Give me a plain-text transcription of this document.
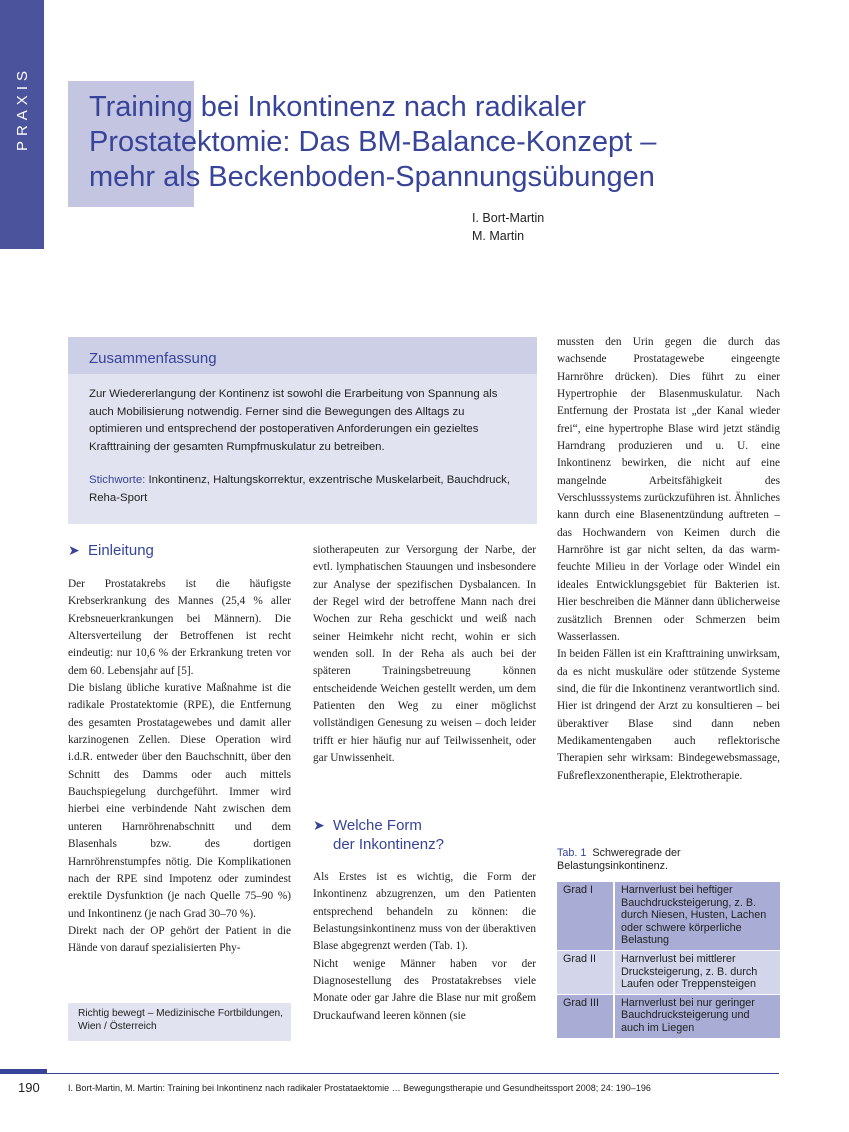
PRAXIS Training bei Inkontinenz nach radikaler
Prostatektomie: Das BM-Balance-Konzept –
mehr als Beckenboden-Spannungsübungen
I. Bort-Martin
M. Martin
Zusammenfassung

Zur Wiedererlangung der Kontinenz ist sowohl die Erarbeitung von Spannung als auch Mobilisierung notwendig. Ferner sind die Bewegungen des Alltags zu optimieren und entsprechend der postoperativen Anforderungen ein gezieltes Krafttraining der gesamten Rumpfmuskulatur zu betreiben.

Stichworte: Inkontinenz, Haltungskorrektur, exzentrische Muskelarbeit, Bauchdruck, Reha-Sport

➤ Einleitung

Der Prostatakrebs ist die häufigste Krebserkrankung des Mannes (25,4 % aller Krebsneuerkrankungen bei Männern). Die Altersverteilung der Betroffenen ist recht eindeutig: nur 10,6 % der Erkrankung treten vor dem 60. Lebensjahr auf [5].

Die bislang übliche kurative Maßnahme ist die radikale Prostatektomie (RPE), die Entfernung des gesamten Prostatagewebes und damit aller karzinogenen Zellen. Diese Operation wird i.d.R. entweder über den Bauchschnitt, über den Schnitt des Damms oder auch mittels Bauchspiegelung durchgeführt. Immer wird hierbei eine verbindende Naht zwischen dem unteren Harnröhrenabschnitt und dem Blasenhals bzw. des dortigen Harnröhrenstumpfes nötig. Die Komplikationen nach der RPE sind Impotenz oder zumindest erektile Dysfunktion (je nach Quelle 75–90 %) und Inkontinenz (je nach Grad 30–70 %).

Direkt nach der OP gehört der Patient in die Hände von darauf spezialisierten Phy-

Richtig bewegt – Medizinische Fortbildungen, Wien / Österreich

siotherapeuten zur Versorgung der Narbe, der evtl. lymphatischen Stauungen und insbesondere zur Analyse der spezifischen Dysbalancen. In der Regel wird der betroffene Mann nach drei Wochen zur Reha geschickt und weiß nach seiner Heimkehr nicht recht, wohin er sich wenden soll. In der Reha als auch bei der späteren Trainingsbetreuung können entscheidende Weichen gestellt werden, um dem Patienten den Weg zu einer möglichst vollständigen Genesung zu weisen – doch leider trifft er hier häufig nur auf Teilwissenheit, oder gar Unwissenheit.

➤ Welche Form
der Inkontinenz?

Als Erstes ist es wichtig, die Form der Inkontinenz abzugrenzen, um den Patienten entsprechend behandeln zu können: die Belastungsinkontinenz muss von der überaktiven Blase abgegrenzt werden (Tab. 1).

Nicht wenige Männer haben vor der Diagnosestellung des Prostatakrebses viele Monate oder gar Jahre die Blase nur mit großem Druckaufwand leeren können (sie

mussten den Urin gegen die durch das wachsende Prostatagewebe eingeengte Harnröhre drücken). Dies führt zu einer Hypertrophie der Blasenmuskulatur. Nach Entfernung der Prostata ist „der Kanal wieder frei“, eine hypertrophe Blase wird jetzt ständig Harndrang produzieren und u. U. eine Inkontinenz bewirken, die nicht auf eine mangelnde Arbeitsfähigkeit des Verschlusssystems zurückzuführen ist. Ähnliches kann durch eine Blasenentzündung auftreten – das Hochwandern von Keimen durch die Harnröhre ist gar nicht selten, da das warm-feuchte Milieu in der Vorlage oder Windel ein ideales Entwicklungsgebiet für Bakterien ist. Hier beschreiben die Männer dann üblicherweise zusätzlich Brennen oder Schmerzen beim Wasserlassen.

In beiden Fällen ist ein Krafttraining unwirksam, da es nicht muskuläre oder stützende Systeme sind, die für die Inkontinenz verantwortlich sind. Hier ist dringend der Arzt zu konsultieren – bei überaktiver Blase sind dann neben Medikamentengaben auch reflektorische Therapien sehr wirksam: Bindegewebsmassage, Fußreflexzonentherapie, Elektrotherapie.

Tab. 1 Schweregrade der Belastungsinkontinenz.
Grad I	Harnverlust bei heftiger Bauchdrucksteigerung, z. B. durch Niesen, Husten, Lachen oder schwere körperliche Belastung
Grad II	Harnverlust bei mittlerer Drucksteigerung, z. B. durch Laufen oder Treppensteigen
Grad III	Harnverlust bei nur geringer Bauchdrucksteigerung und auch im Liegen
190	I. Bort-Martin, M. Martin: Training bei Inkontinenz nach radikaler Prostataektomie … Bewegungstherapie und Gesundheitssport 2008; 24: 190–196
